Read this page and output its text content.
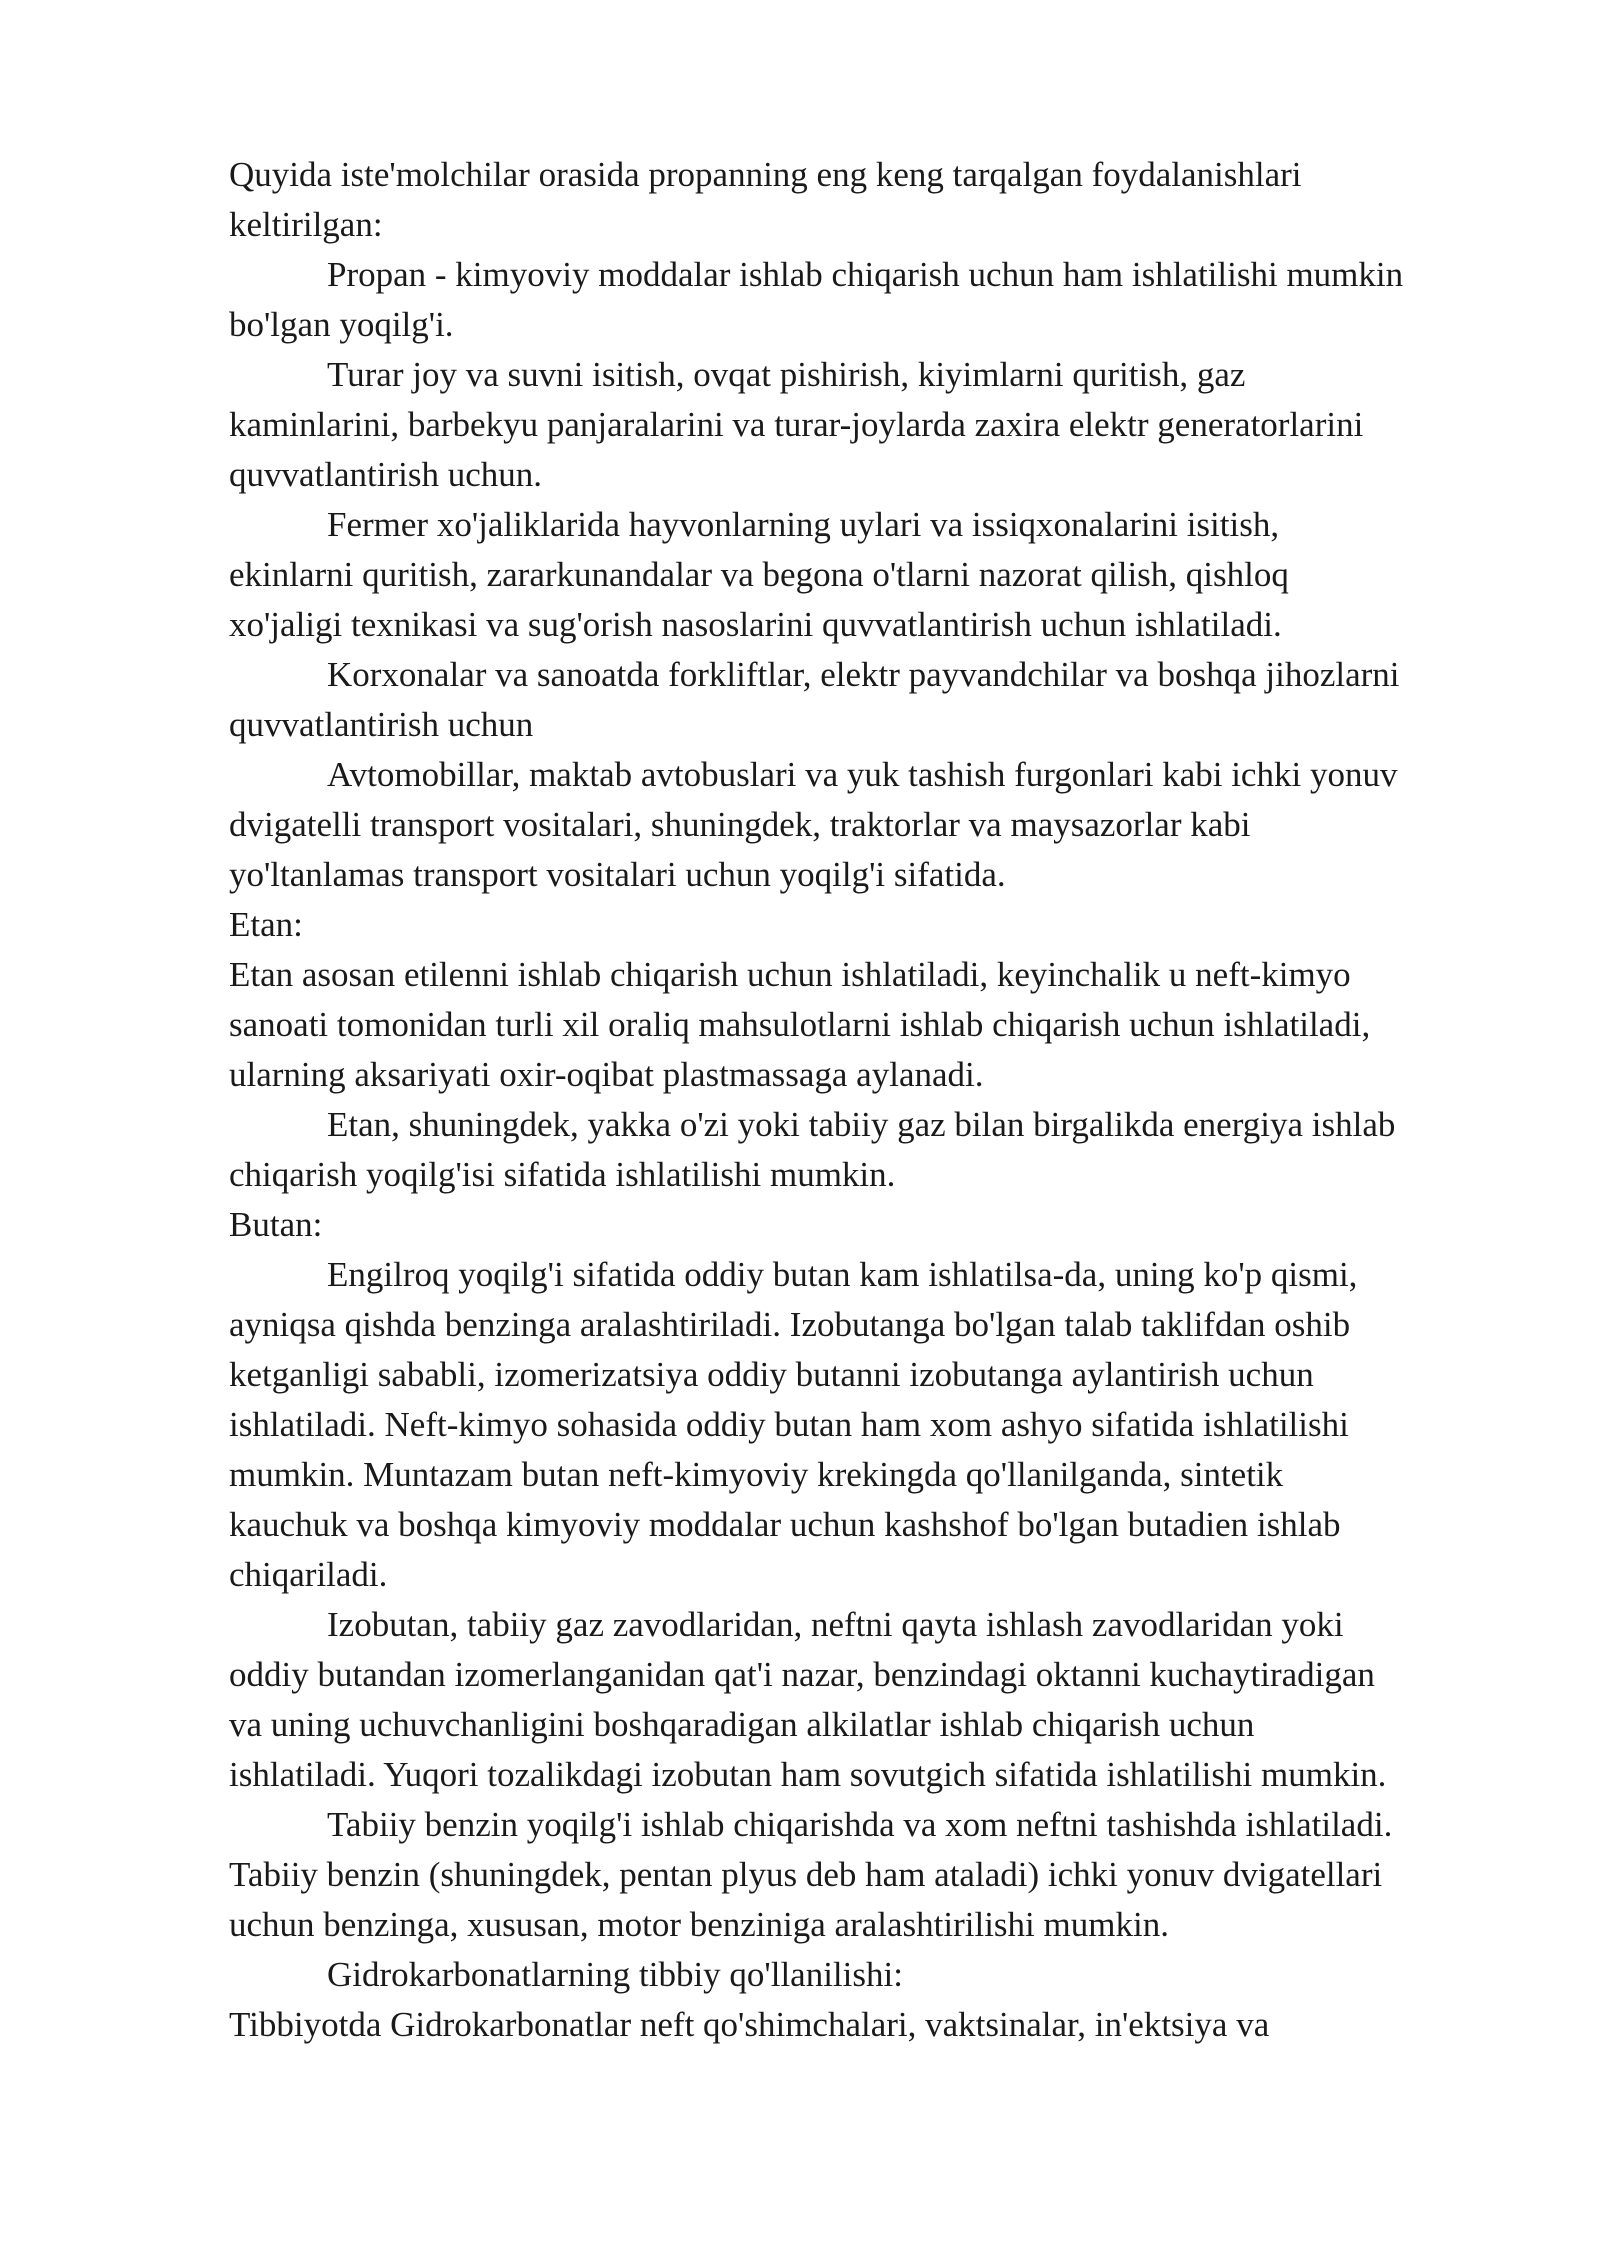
Quyida iste'molchilar orasida propanning eng keng tarqalgan foydalanishlari
keltirilgan:
Propan - kimyoviy moddalar ishlab chiqarish uchun ham ishlatilishi mumkin
bo'lgan yoqilg'i.
Turar joy va suvni isitish, ovqat pishirish, kiyimlarni quritish, gaz
kaminlarini, barbekyu panjaralarini va turar-joylarda zaxira elektr generatorlarini
quvvatlantirish uchun.
Fermer xo'jaliklarida hayvonlarning uylari va issiqxonalarini isitish,
ekinlarni quritish, zararkunandalar va begona o'tlarni nazorat qilish, qishloq
xo'jaligi texnikasi va sug'orish nasoslarini quvvatlantirish uchun ishlatiladi.
Korxonalar va sanoatda forkliftlar, elektr payvandchilar va boshqa jihozlarni
quvvatlantirish uchun
Avtomobillar, maktab avtobuslari va yuk tashish furgonlari kabi ichki yonuv
dvigatelli transport vositalari, shuningdek, traktorlar va maysazorlar kabi
yo'ltanlamas transport vositalari uchun yoqilg'i sifatida.
Etan:
Etan asosan etilenni ishlab chiqarish uchun ishlatiladi, keyinchalik u neft-kimyo
sanoati tomonidan turli xil oraliq mahsulotlarni ishlab chiqarish uchun ishlatiladi,
ularning aksariyati oxir-oqibat plastmassaga aylanadi.
Etan, shuningdek, yakka o'zi yoki tabiiy gaz bilan birgalikda energiya ishlab
chiqarish yoqilg'isi sifatida ishlatilishi mumkin.
Butan:
Engilroq yoqilg'i sifatida oddiy butan kam ishlatilsa-da, uning ko'p qismi,
ayniqsa qishda benzinga aralashtiriladi. Izobutanga bo'lgan talab taklifdan oshib
ketganligi sababli, izomerizatsiya oddiy butanni izobutanga aylantirish uchun
ishlatiladi. Neft-kimyo sohasida oddiy butan ham xom ashyo sifatida ishlatilishi
mumkin. Muntazam butan neft-kimyoviy krekingda qo'llanilganda, sintetik
kauchuk va boshqa kimyoviy moddalar uchun kashshof bo'lgan butadien ishlab
chiqariladi.
Izobutan, tabiiy gaz zavodlaridan, neftni qayta ishlash zavodlaridan yoki
oddiy butandan izomerlanganidan qat'i nazar, benzindagi oktanni kuchaytiradigan
va uning uchuvchanligini boshqaradigan alkilatlar ishlab chiqarish uchun
ishlatiladi. Yuqori tozalikdagi izobutan ham sovutgich sifatida ishlatilishi mumkin.
Tabiiy benzin yoqilg'i ishlab chiqarishda va xom neftni tashishda ishlatiladi.
Tabiiy benzin (shuningdek, pentan plyus deb ham ataladi) ichki yonuv dvigatellari
uchun benzinga, xususan, motor benziniga aralashtirilishi mumkin.
Gidrokarbonatlarning tibbiy qo'llanilishi:
Tibbiyotda Gidrokarbonatlar neft qo'shimchalari, vaktsinalar, in'ektsiya va
